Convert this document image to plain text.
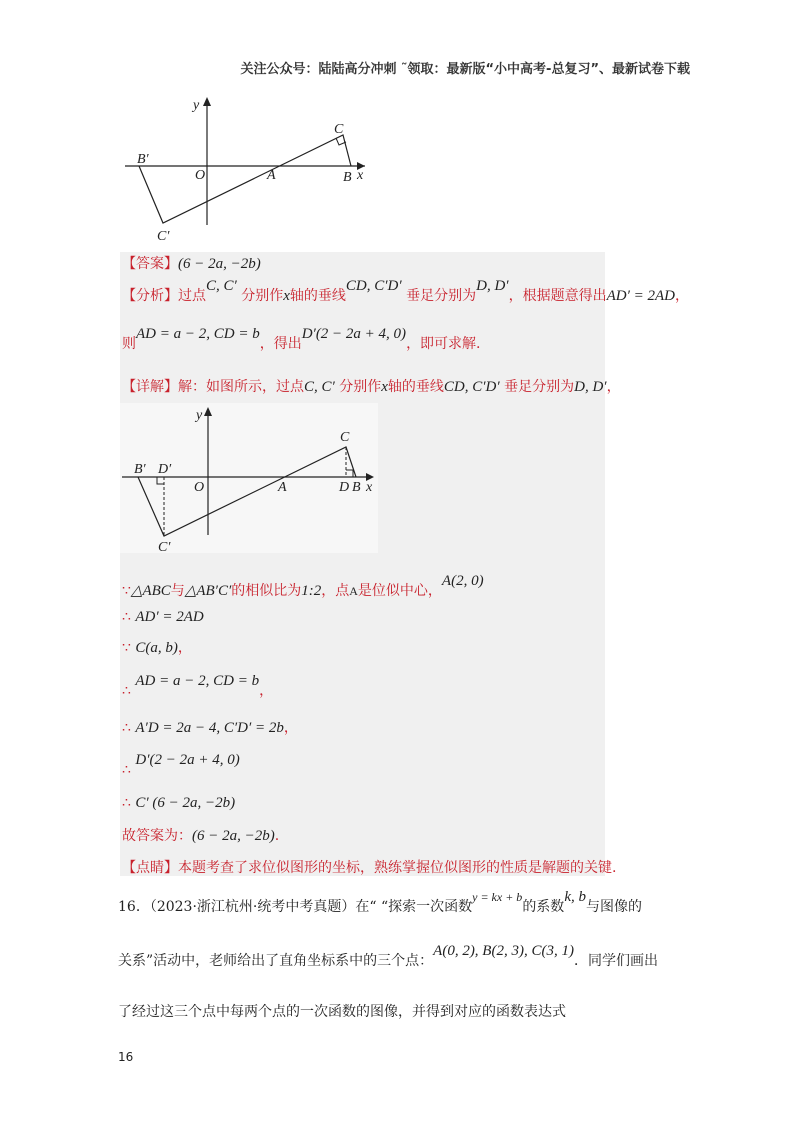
关注公众号：陆陆高分冲刺 ˜领取：最新版“小中高考-总复习”、最新试卷下载
y
x
O	A	B
C
B′
C′
【答案】(6 − 2a, −2b)
【分析】过点C, C′ 分别作x轴的垂线CD, C′D′ 垂足分别为D, D′，根据题意得出AD′ = 2AD，
则AD = a − 2, CD = b，得出D′(2 − 2a + 4, 0)，即可求解.
【详解】解：如图所示，过点C, C′ 分别作x轴的垂线CD, C′D′ 垂足分别为D, D′，
y
x
O	A	D B
C
B′ D′
C′
∵△ABC与△AB′C′的相似比为1:2，点A是位似中心，A(2, 0)
∴ AD′ = 2AD
∵ C(a, b)，
∴ AD = a − 2, CD = b，
∴ A′D = 2a − 4, C′D′ = 2b，
∴ D′(2 − 2a + 4, 0)
∴ C′ (6 − 2a, −2b)
故答案为：(6 − 2a, −2b).
【点睛】本题考查了求位似图形的坐标，熟练掌握位似图形的性质是解题的关键.
16．（2023·浙江杭州·统考中考真题）在“ “探索一次函数y = kx + b的系数k, b与图像的
关系”活动中，老师给出了直角坐标系中的三个点：A(0, 2), B(2, 3), C(3, 1)．同学们画出
了经过这三个点中每两个点的一次函数的图像，并得到对应的函数表达式
16
